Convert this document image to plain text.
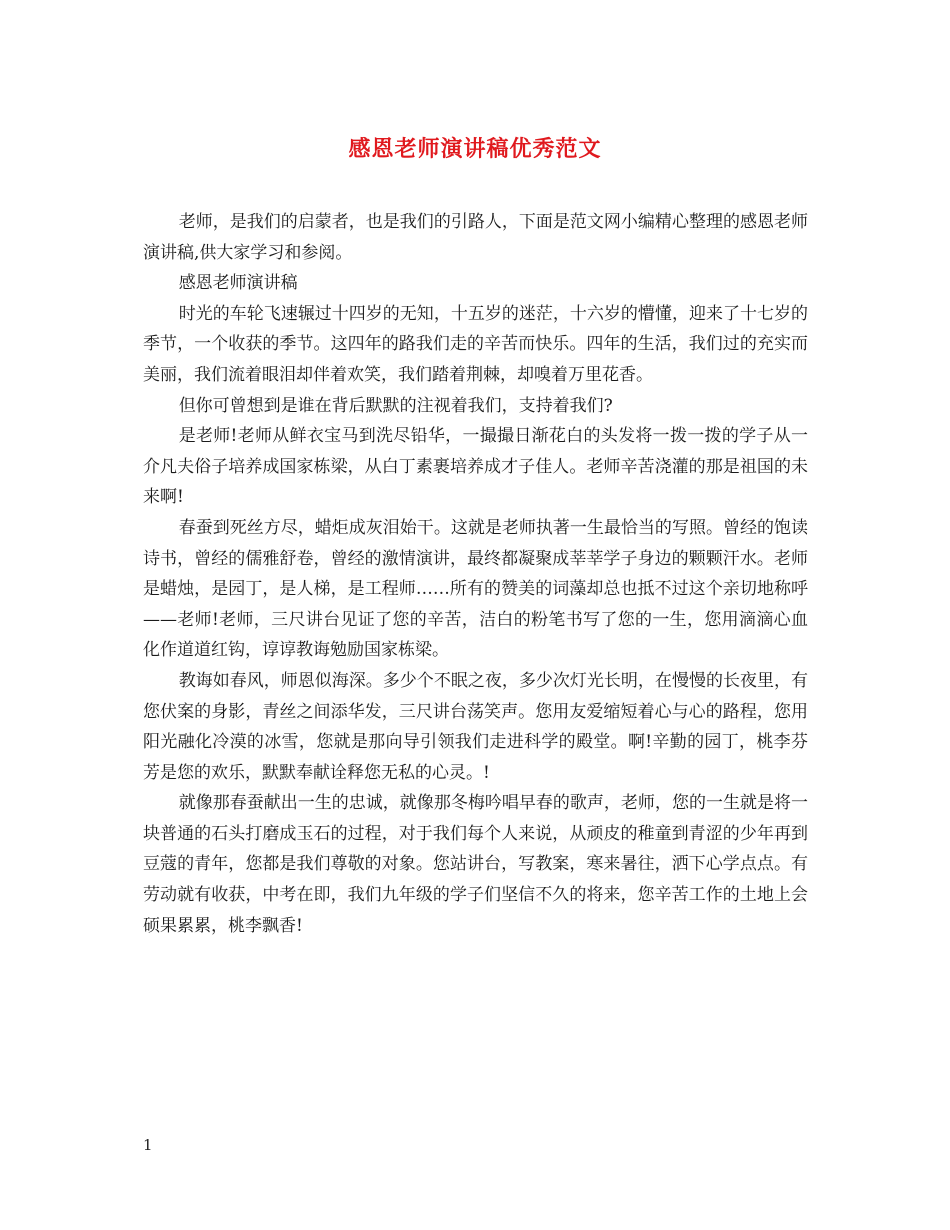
感恩老师演讲稿优秀范文

老师，是我们的启蒙者，也是我们的引路人，下面是范文网小编精心整理的感恩老师演讲稿,供大家学习和参阅。

感恩老师演讲稿

时光的车轮飞速辗过十四岁的无知，十五岁的迷茫，十六岁的懵懂，迎来了十七岁的季节，一个收获的季节。这四年的路我们走的辛苦而快乐。四年的生活，我们过的充实而美丽，我们流着眼泪却伴着欢笑，我们踏着荆棘，却嗅着万里花香。

但你可曾想到是谁在背后默默的注视着我们，支持着我们?

是老师!老师从鲜衣宝马到洗尽铅华，一撮撮日渐花白的头发将一拨一拨的学子从一介凡夫俗子培养成国家栋梁，从白丁素裹培养成才子佳人。老师辛苦浇灌的那是祖国的未来啊!

春蚕到死丝方尽，蜡炬成灰泪始干。这就是老师执著一生最恰当的写照。曾经的饱读诗书，曾经的儒雅舒卷，曾经的激情演讲，最终都凝聚成莘莘学子身边的颗颗汗水。老师是蜡烛，是园丁，是人梯，是工程师……所有的赞美的词藻却总也抵不过这个亲切地称呼——老师!老师，三尺讲台见证了您的辛苦，洁白的粉笔书写了您的一生，您用滴滴心血化作道道红钩，谆谆教诲勉励国家栋梁。

教诲如春风，师恩似海深。多少个不眠之夜，多少次灯光长明，在慢慢的长夜里，有您伏案的身影，青丝之间添华发，三尺讲台荡笑声。您用友爱缩短着心与心的路程，您用阳光融化冷漠的冰雪，您就是那向导引领我们走进科学的殿堂。啊!辛勤的园丁，桃李芬芳是您的欢乐，默默奉献诠释您无私的心灵。!

就像那春蚕献出一生的忠诚，就像那冬梅吟唱早春的歌声，老师，您的一生就是将一块普通的石头打磨成玉石的过程，对于我们每个人来说，从顽皮的稚童到青涩的少年再到豆蔻的青年，您都是我们尊敬的对象。您站讲台，写教案，寒来暑往，洒下心学点点。有劳动就有收获，中考在即，我们九年级的学子们坚信不久的将来，您辛苦工作的土地上会硕果累累，桃李飘香!

1
